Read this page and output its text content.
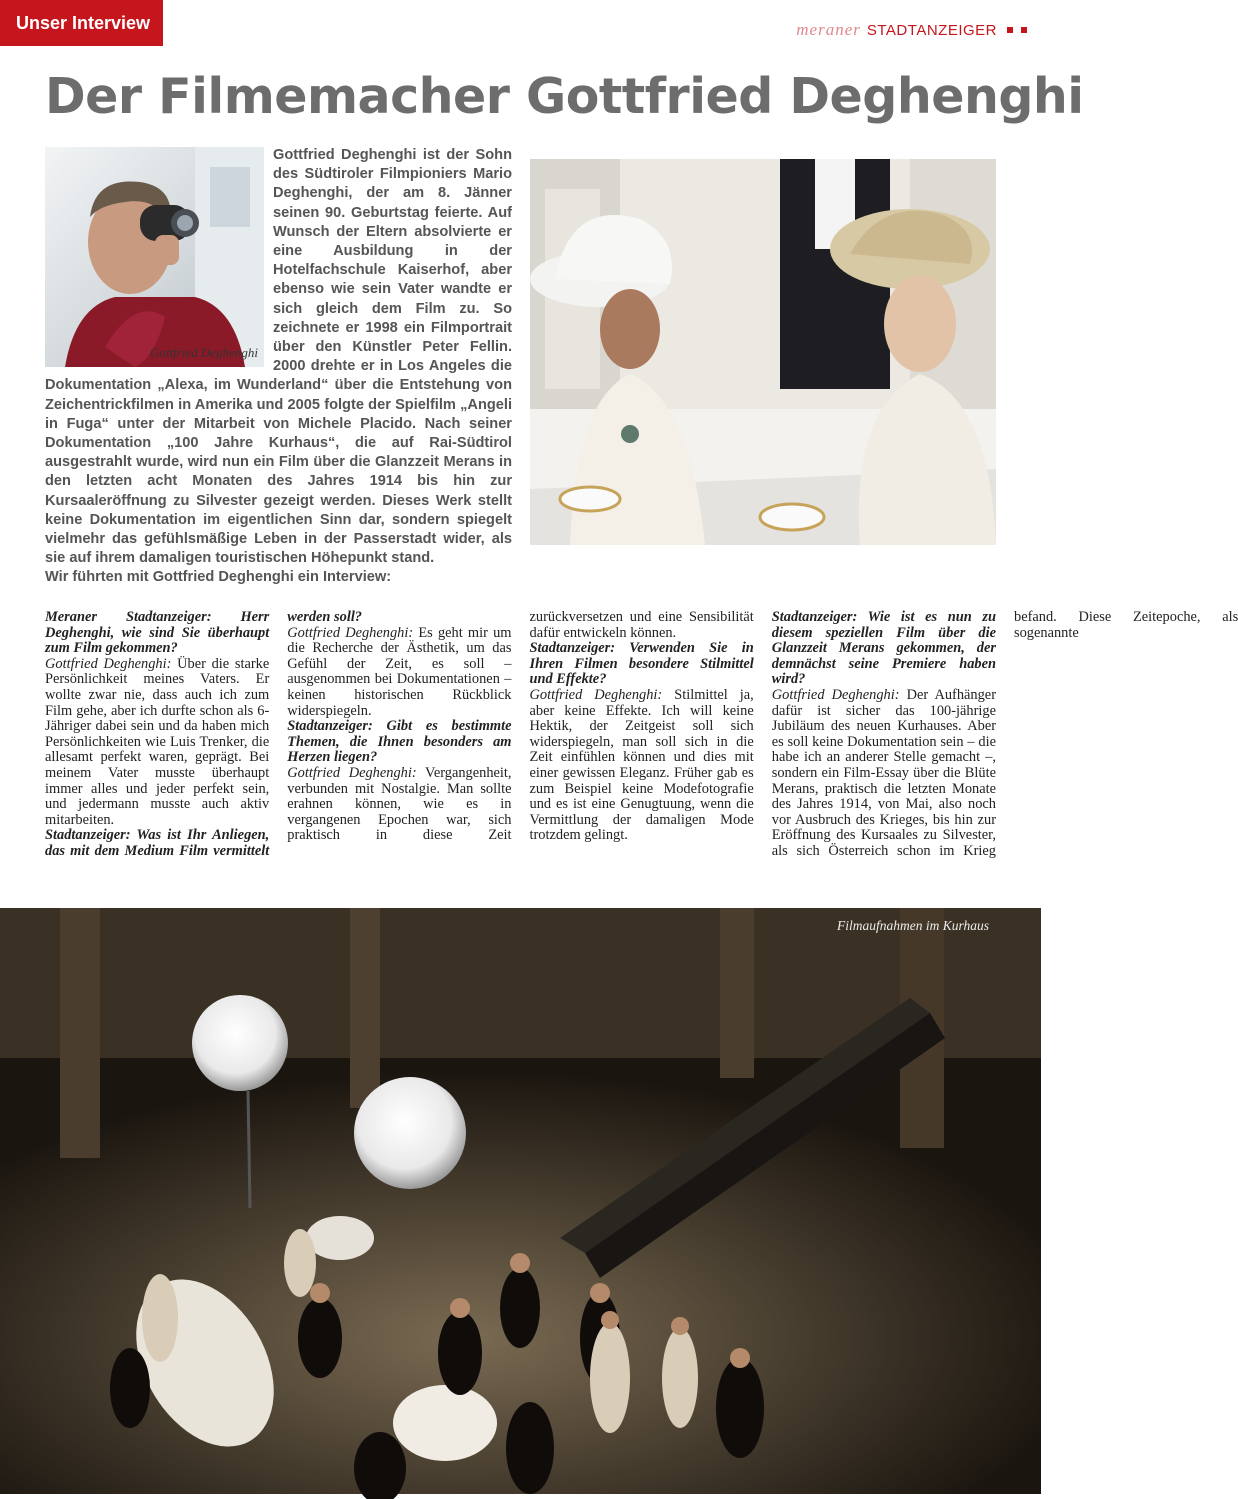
Unser Interview	meraner STADTANZEIGER
Der Filmemacher Gottfried Deghenghi

Gottfried Deghenghi ist der Sohn des Südtiroler Filmpioniers Mario Deghenghi, der am 8. Jänner seinen 90. Geburtstag feierte. Auf Wunsch der Eltern absolvierte er eine Ausbildung in der Hotelfachschule Kaiserhof, aber ebenso wie sein Vater wandte er sich gleich dem Film zu. So zeichnete er 1998 ein Filmportrait über den Künstler Peter Fellin. 2000 drehte er in Los Angeles die Dokumentation „Alexa, im Wunderland“ über die Entstehung von Zeichentrickfilmen in Amerika und 2005 folgte der Spielfilm „Angeli in Fuga“ unter der Mitarbeit von Michele Placido. Nach seiner Dokumentation „100 Jahre Kurhaus“, die auf Rai-Südtirol ausgestrahlt wurde, wird nun ein Film über die Glanzzeit Merans in den letzten acht Monaten des Jahres 1914 bis hin zur Kursaaleröffnung zu Silvester gezeigt werden. Dieses Werk stellt keine Dokumentation im eigentlichen Sinn dar, sondern spiegelt vielmehr das gefühlsmäßige Leben in der Passerstadt wider, als sie auf ihrem damaligen touristischen Höhepunkt stand.

Wir führten mit Gottfried Deghenghi ein Interview:

Gottfried Deghenghi

Meraner Stadtanzeiger: Herr Deghenghi, wie sind Sie überhaupt zum Film gekommen?

Gottfried Deghenghi: Über die starke Persönlichkeit meines Vaters. Er wollte zwar nie, dass auch ich zum Film gehe, aber ich durfte schon als 6-Jähriger dabei sein und da haben mich Persönlichkeiten wie Luis Trenker, die allesamt perfekt waren, geprägt. Bei meinem Vater musste überhaupt immer alles und jeder perfekt sein, und jedermann musste auch aktiv mitarbeiten.

Stadtanzeiger: Was ist Ihr Anliegen, das mit dem Medium Film vermittelt werden soll?

Gottfried Deghenghi: Es geht mir um die Recherche der Ästhetik, um das Gefühl der Zeit, es soll – ausgenommen bei Dokumentationen – keinen historischen Rückblick widerspiegeln.

Stadtanzeiger: Gibt es bestimmte Themen, die Ihnen besonders am Herzen liegen?

Gottfried Deghenghi: Vergangenheit, verbunden mit Nostalgie. Man sollte erahnen können, wie es in vergangenen Epochen war, sich praktisch in diese Zeit zurückversetzen und eine Sensibilität dafür entwickeln können.

Stadtanzeiger: Verwenden Sie in Ihren Filmen besondere Stilmittel und Effekte?

Gottfried Deghenghi: Stilmittel ja, aber keine Effekte. Ich will keine Hektik, der Zeitgeist soll sich widerspiegeln, man soll sich in die Zeit einfühlen können und dies mit einer gewissen Eleganz. Früher gab es zum Beispiel keine Modefotografie und es ist eine Genugtuung, wenn die Vermittlung der damaligen Mode trotzdem gelingt.

Stadtanzeiger: Wie ist es nun zu diesem speziellen Film über die Glanzzeit Merans gekommen, der demnächst seine Premiere haben wird?

Gottfried Deghenghi: Der Aufhänger dafür ist sicher das 100-jährige Jubiläum des neuen Kurhauses. Aber es soll keine Dokumentation sein – die habe ich an anderer Stelle gemacht –, sondern ein Film-Essay über die Blüte Merans, praktisch die letzten Monate des Jahres 1914, von Mai, also noch vor Ausbruch des Krieges, bis hin zur Eröffnung des Kursaales zu Silvester, als sich Österreich schon im Krieg befand. Diese Zeitepoche, als sogenannte

Filmaufnahmen im Kurhaus
